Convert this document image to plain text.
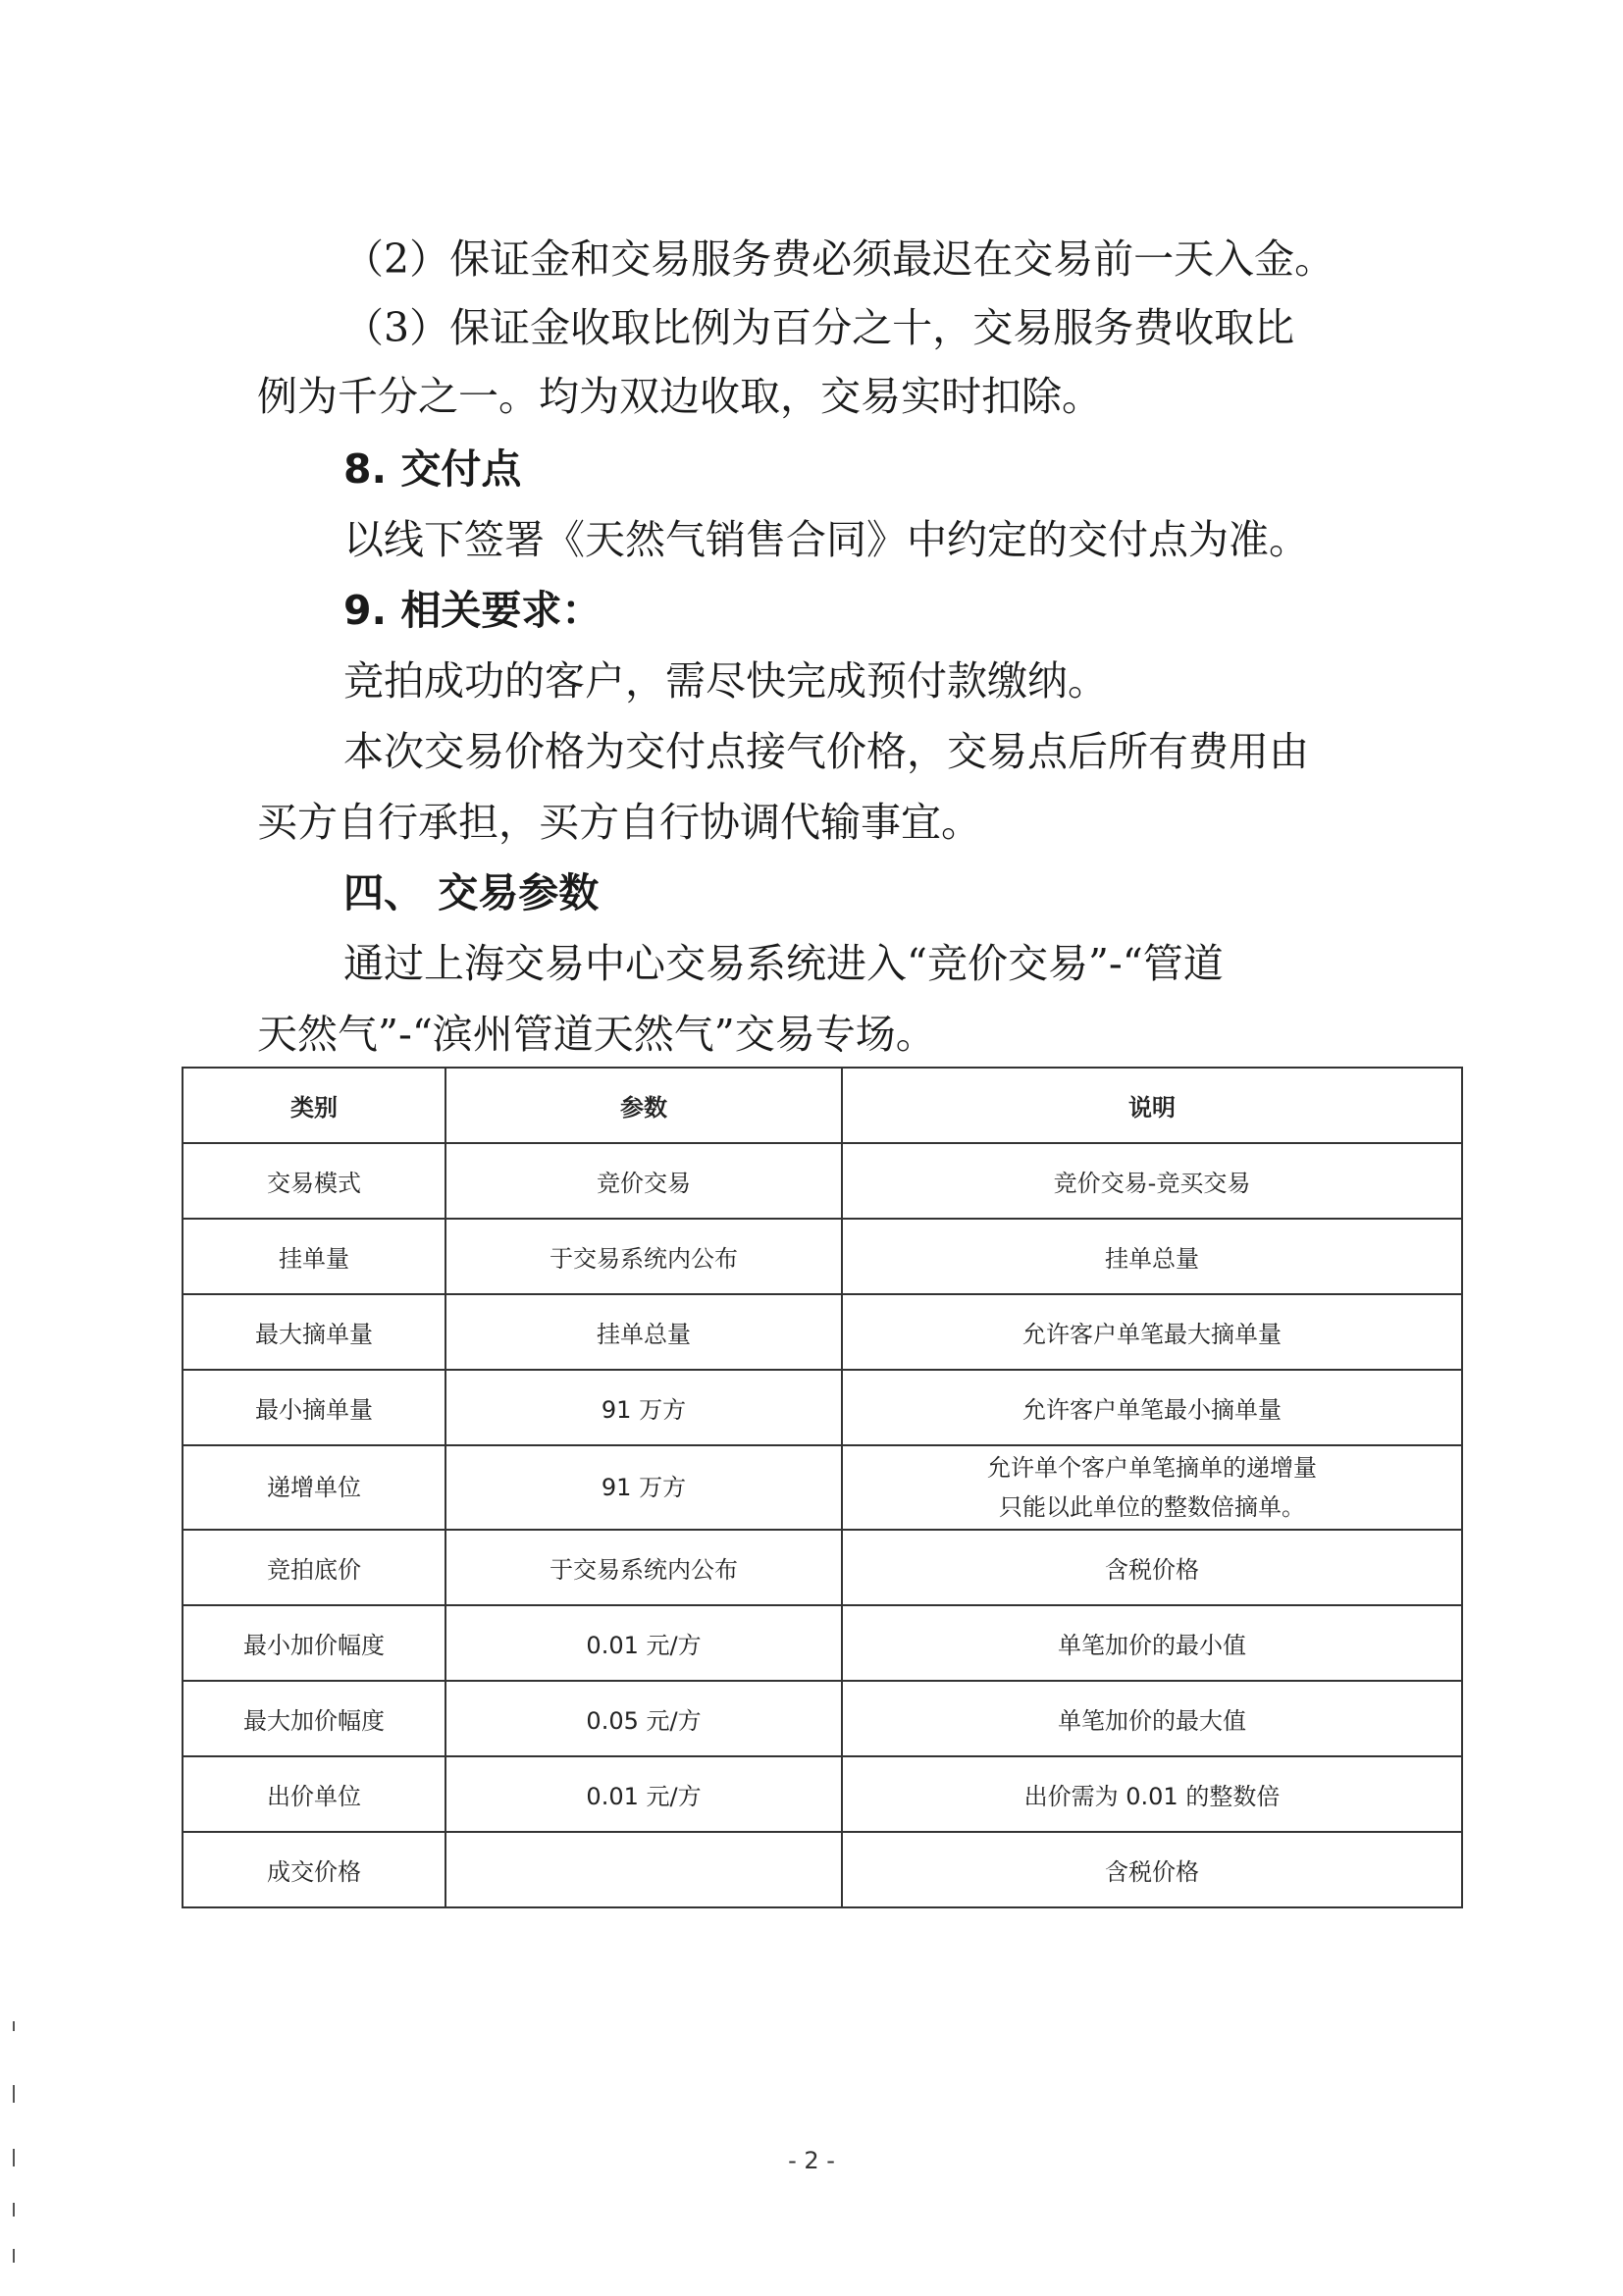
（2）保证金和交易服务费必须最迟在交易前一天入金。
（3）保证金收取比例为百分之十，交易服务费收取比
例为千分之一。均为双边收取，交易实时扣除。
8. 交付点
以线下签署《天然气销售合同》中约定的交付点为准。
9. 相关要求：
竞拍成功的客户，需尽快完成预付款缴纳。
本次交易价格为交付点接气价格，交易点后所有费用由
买方自行承担，买方自行协调代输事宜。
四、 交易参数
通过上海交易中心交易系统进入“竞价交易”-“管道
天然气”-“滨州管道天然气”交易专场。
类别	参数	说明
交易模式	竞价交易	竞价交易-竞买交易
挂单量	于交易系统内公布	挂单总量
最大摘单量	挂单总量	允许客户单笔最大摘单量
最小摘单量	91 万方	允许客户单笔最小摘单量
递增单位	91 万方	允许单个客户单笔摘单的递增量
只能以此单位的整数倍摘单。

竞拍底价	于交易系统内公布	含税价格
最小加价幅度	0.01 元/方	单笔加价的最小值
最大加价幅度	0.05 元/方	单笔加价的最大值
出价单位	0.01 元/方	出价需为 0.01 的整数倍
成交价格		含税价格
- 2 -
